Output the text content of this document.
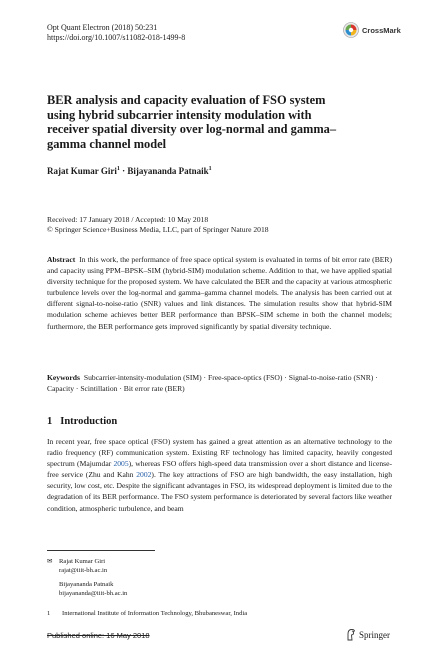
Opt Quant Electron (2018) 50:231
https://doi.org/10.1007/s11082-018-1499-8
CrossMark
BER analysis and capacity evaluation of FSO system using hybrid subcarrier intensity modulation with receiver spatial diversity over log-normal and gamma–gamma channel model
Rajat Kumar Giri$^1$ · Bijayananda Patnaik$^1$
Received: 17 January 2018 / Accepted: 10 May 2018
© Springer Science+Business Media, LLC, part of Springer Nature 2018

Abstract In this work, the performance of free space optical system is evaluated in terms of bit error rate (BER) and capacity using PPM–BPSK–SIM (hybrid-SIM) modulation scheme. Addition to that, we have applied spatial diversity technique for the proposed system. We have calculated the BER and the capacity at various atmospheric turbulence levels over the log-normal and gamma–gamma channel models. The analysis has been carried out at different signal-to-noise-ratio (SNR) values and link distances. The simulation results show that hybrid-SIM modulation scheme achieves better BER performance than BPSK–SIM scheme in both the channel models; furthermore, the BER performance gets improved significantly by spatial diversity technique.

Keywords Subcarrier-intensity-modulation (SIM) · Free-space-optics (FSO) · Signal-to-noise-ratio (SNR) · Capacity · Scintillation · Bit error rate (BER)

1 Introduction

In recent year, free space optical (FSO) system has gained a great attention as an alternative technology to the radio frequency (RF) communication system. Existing RF technology has limited capacity, heavily congested spectrum (Majumdar 2005), whereas FSO offers high-speed data transmission over a short distance and license-free service (Zhu and Kahn 2002). The key attractions of FSO are high bandwidth, the easy installation, high security, low cost, etc. Despite the significant advantages in FSO, its widespread deployment is limited due to the degradation of its BER performance. The FSO system performance is deteriorated by several factors like weather condition, atmospheric turbulence, and beam

✉ Rajat Kumar Giri
rajat@iiit-bh.ac.in
Bijayananda Patnaik
bijayananda@iiit-bh.ac.in
1	International Institute of Information Technology, Bhubaneswar, India
Published online: 16 May 2018	Springer
